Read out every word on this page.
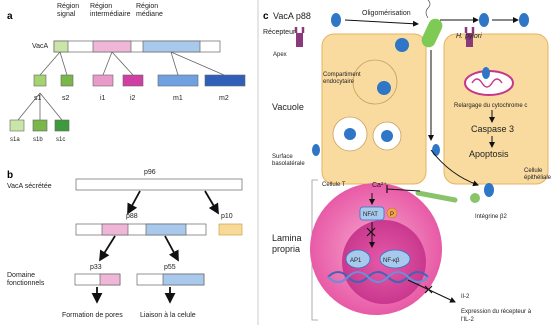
a
Région
signal
Région
intermédiaire
Région
médiane
VacA
s1	s2	i1	i2	m1	m2
s1a s1b s1c
b	p96
VacA sécrétée
p88	p10
Domaine
fonctionnels
p33	p55
Formation de pores Liaison à la celule
c VacA p88	Oligomérisation
Récepteur
H. pylori
Apex
Compartiment
endocytaire
Vacuole	Relargage du cytochrome c
Caspase 3
Apoptosis
Surface
basolatérale
Cellule
épithéliale
Lamina
propria
Cellule T	Ca²⁺
NFAT P	Intégrine β2
AP1	NF-κβ
Il-2
Expression du récepteur à
l'IL-2
